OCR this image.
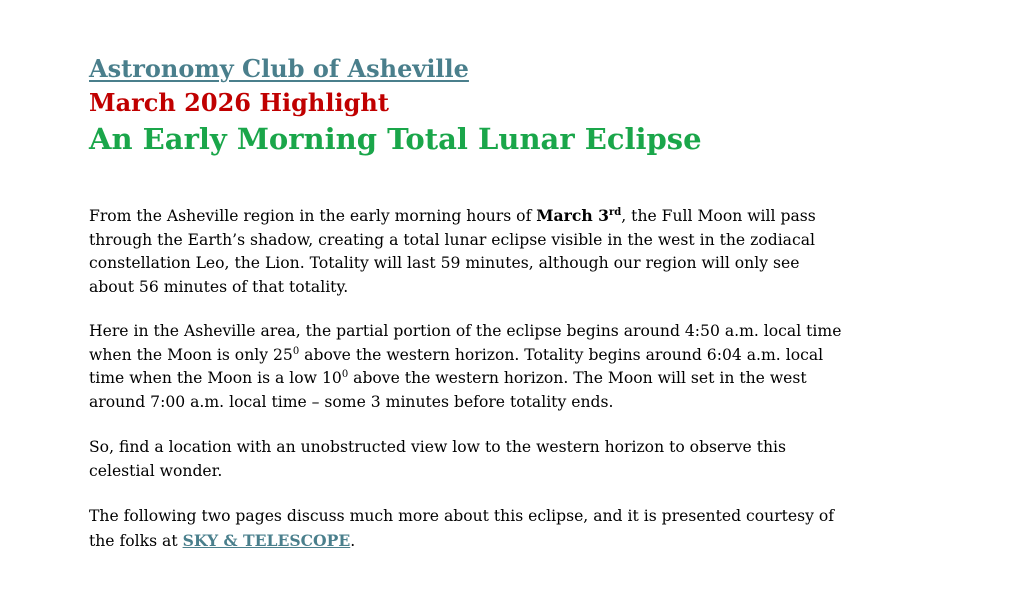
Astronomy Club of Asheville
March 2026 Highlight
An Early Morning Total Lunar Eclipse
From the Asheville region in the early morning hours of March 3rd, the Full Moon will pass
through the Earth’s shadow, creating a total lunar eclipse visible in the west in the zodiacal
constellation Leo, the Lion. Totality will last 59 minutes, although our region will only see
about 56 minutes of that totality.
Here in the Asheville area, the partial portion of the eclipse begins around 4:50 a.m. local time
when the Moon is only $25^0$ above the western horizon. Totality begins around 6:04 a.m. local
time when the Moon is a low $10^0$ above the western horizon. The Moon will set in the west
around 7:00 a.m. local time – some 3 minutes before totality ends.
So, find a location with an unobstructed view low to the western horizon to observe this
celestial wonder.
The following two pages discuss much more about this eclipse, and it is presented courtesy of
the folks at SKY & TELESCOPE.
